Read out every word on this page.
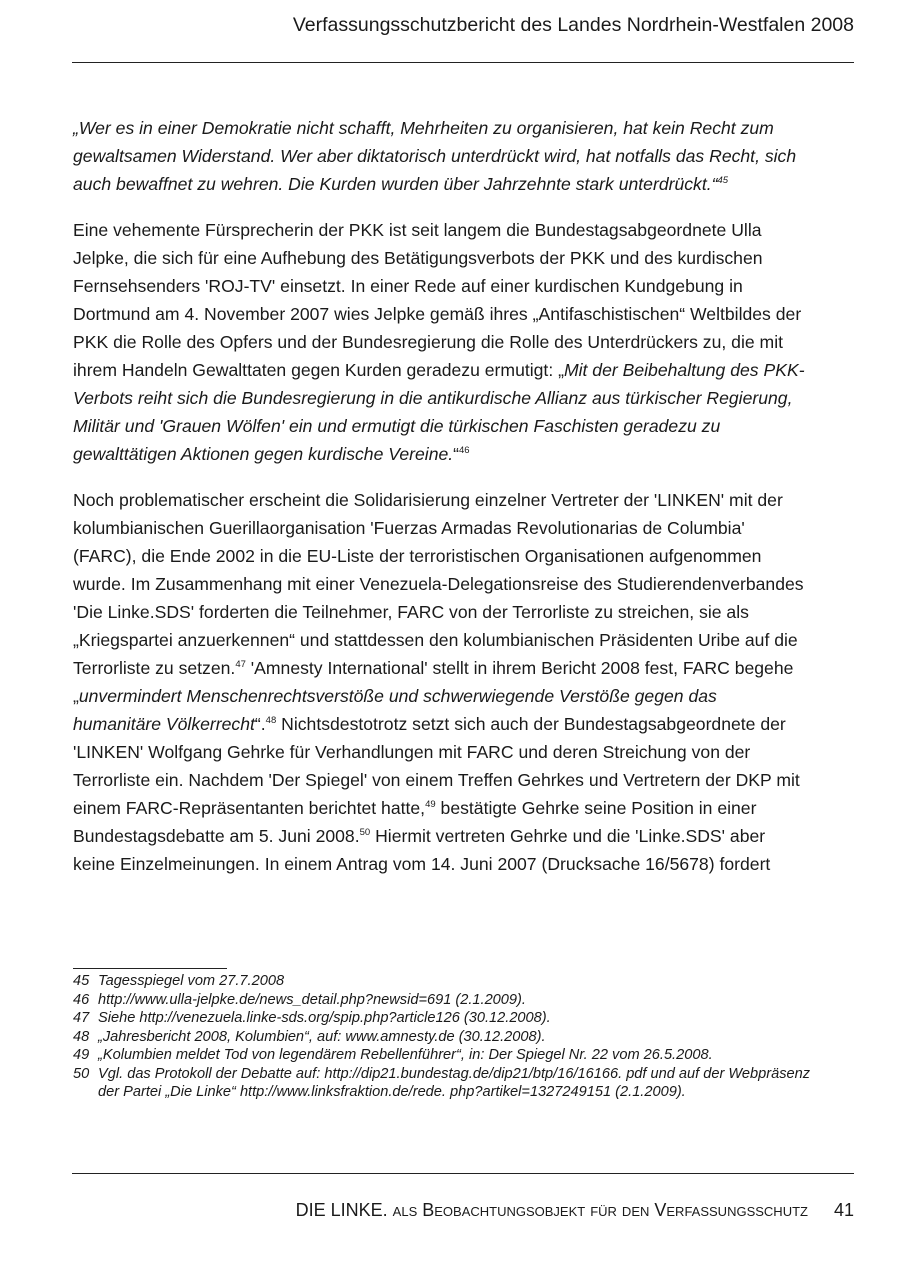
Verfassungsschutzbericht des Landes Nordrhein-Westfalen 2008

„Wer es in einer Demokratie nicht schafft, Mehrheiten zu organisieren, hat kein Recht zum gewaltsamen Widerstand. Wer aber diktatorisch unterdrückt wird, hat notfalls das Recht, sich auch bewaffnet zu wehren. Die Kurden wurden über Jahrzehnte stark unterdrückt.“$^{45}$

Eine vehemente Fürsprecherin der PKK ist seit langem die Bundestagsabgeordnete Ulla Jelpke, die sich für eine Aufhebung des Betätigungsverbots der PKK und des kurdischen Fernsehsenders 'ROJ-TV' einsetzt. In einer Rede auf einer kurdischen Kundgebung in Dortmund am 4. November 2007 wies Jelpke gemäß ihres „Antifaschistischen“ Weltbildes der PKK die Rolle des Opfers und der Bundesregierung die Rolle des Unterdrückers zu, die mit ihrem Handeln Gewalttaten gegen Kurden geradezu ermutigt: „Mit der Beibehaltung des PKK-Verbots reiht sich die Bundesregierung in die antikurdische Allianz aus türkischer Regierung, Militär und 'Grauen Wölfen' ein und ermutigt die türkischen Faschisten geradezu zu gewalttätigen Aktionen gegen kurdische Vereine.“$^{46}$

Noch problematischer erscheint die Solidarisierung einzelner Vertreter der 'LINKEN' mit der kolumbianischen Guerillaorganisation 'Fuerzas Armadas Revolutionarias de Columbia' (FARC), die Ende 2002 in die EU-Liste der terroristischen Organisationen aufgenommen wurde. Im Zusammenhang mit einer Venezuela-Delegationsreise des Studierendenverbandes 'Die Linke.SDS' forderten die Teilnehmer, FARC von der Terrorliste zu streichen, sie als „Kriegspartei anzuerkennen“ und stattdessen den kolumbianischen Präsidenten Uribe auf die Terrorliste zu setzen.$^{47}$ 'Amnesty International' stellt in ihrem Bericht 2008 fest, FARC begehe „unvermindert Menschenrechtsverstöße und schwerwiegende Verstöße gegen das humanitäre Völkerrecht“.$^{48}$ Nichtsdestotrotz setzt sich auch der Bundestagsabgeordnete der 'LINKEN' Wolfgang Gehrke für Verhandlungen mit FARC und deren Streichung von der Terrorliste ein. Nachdem 'Der Spiegel' von einem Treffen Gehrkes und Vertretern der DKP mit einem FARC-Repräsentanten berichtet hatte,$^{49}$ bestätigte Gehrke seine Position in einer Bundestagsdebatte am 5. Juni 2008.50 Hiermit vertreten Gehrke und die 'Linke.SDS' aber keine Einzelmeinungen. In einem Antrag vom 14. Juni 2007 (Drucksache 16/5678) fordert

45 Tagesspiegel vom 27.7.2008
46 http://www.ulla-jelpke.de/news_detail.php?newsid=691 (2.1.2009).
47 Siehe http://venezuela.linke-sds.org/spip.php?article126 (30.12.2008).
48 „Jahresbericht 2008, Kolumbien“, auf: www.amnesty.de (30.12.2008).
49 „Kolumbien meldet Tod von legendärem Rebellenführer“, in: Der Spiegel Nr. 22 vom 26.5.2008.
50 Vgl. das Protokoll der Debatte auf: http://dip21.bundestag.de/dip21/btp/16/16166. pdf und auf der Webpräsenz der Partei „Die Linke“ http://www.linksfraktion.de/rede. php?artikel=1327249151 (2.1.2009).
DIE LINKE. als Beobachtungsobjekt für den Verfassungsschutz 41
